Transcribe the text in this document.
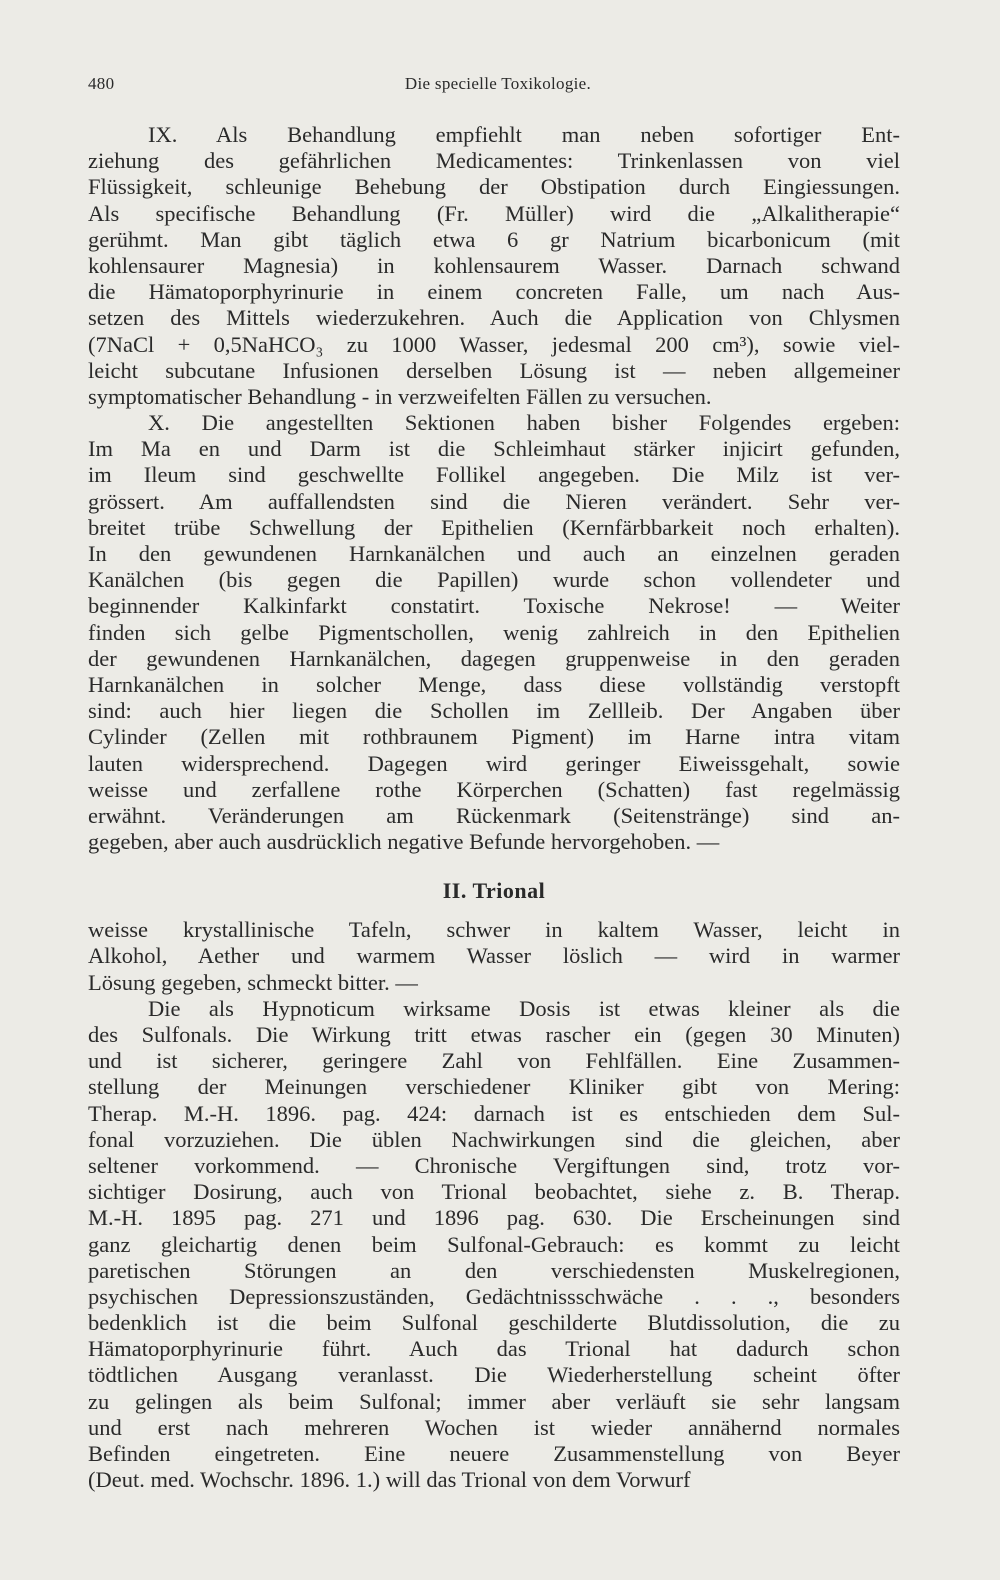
480	Die specielle Toxikologie.
IX. Als Behandlung empfiehlt man neben sofortiger Ent-
ziehung des gefährlichen Medicamentes: Trinkenlassen von viel
Flüssigkeit, schleunige Behebung der Obstipation durch Eingiessungen.
Als specifische Behandlung (Fr. Müller) wird die „Alkalitherapie“
gerühmt. Man gibt täglich etwa 6 gr Natrium bicarbonicum (mit
kohlensaurer Magnesia) in kohlensaurem Wasser. Darnach schwand
die Hämatoporphyrinurie in einem concreten Falle, um nach Aus-
setzen des Mittels wiederzukehren. Auch die Application von Chlysmen
(7NaCl + 0,5NaHCO₃ zu 1000 Wasser, jedesmal 200 cm³), sowie viel-
leicht subcutane Infusionen derselben Lösung ist — neben allgemeiner
symptomatischer Behandlung - in verzweifelten Fällen zu versuchen.
X. Die angestellten Sektionen haben bisher Folgendes ergeben:
Im Ma en und Darm ist die Schleimhaut stärker injicirt gefunden,
im Ileum sind geschwellte Follikel angegeben. Die Milz ist ver-
grössert. Am auffallendsten sind die Nieren verändert. Sehr ver-
breitet trübe Schwellung der Epithelien (Kernfärbbarkeit noch erhalten).
In den gewundenen Harnkanälchen und auch an einzelnen geraden
Kanälchen (bis gegen die Papillen) wurde schon vollendeter und
beginnender Kalkinfarkt constatirt. Toxische Nekrose! — Weiter
finden sich gelbe Pigmentschollen, wenig zahlreich in den Epithelien
der gewundenen Harnkanälchen, dagegen gruppenweise in den geraden
Harnkanälchen in solcher Menge, dass diese vollständig verstopft
sind: auch hier liegen die Schollen im Zellleib. Der Angaben über
Cylinder (Zellen mit rothbraunem Pigment) im Harne intra vitam
lauten widersprechend. Dagegen wird geringer Eiweissgehalt, sowie
weisse und zerfallene rothe Körperchen (Schatten) fast regelmässig
erwähnt. Veränderungen am Rückenmark (Seitenstränge) sind an-
gegeben, aber auch ausdrücklich negative Befunde hervorgehoben. —
II. Trional
weisse krystallinische Tafeln, schwer in kaltem Wasser, leicht in
Alkohol, Aether und warmem Wasser löslich — wird in warmer
Lösung gegeben, schmeckt bitter. —
Die als Hypnoticum wirksame Dosis ist etwas kleiner als die
des Sulfonals. Die Wirkung tritt etwas rascher ein (gegen 30 Minuten)
und ist sicherer, geringere Zahl von Fehlfällen. Eine Zusammen-
stellung der Meinungen verschiedener Kliniker gibt von Mering:
Therap. M.-H. 1896. pag. 424: darnach ist es entschieden dem Sul-
fonal vorzuziehen. Die üblen Nachwirkungen sind die gleichen, aber
seltener vorkommend. — Chronische Vergiftungen sind, trotz vor-
sichtiger Dosirung, auch von Trional beobachtet, siehe z. B. Therap.
M.-H. 1895 pag. 271 und 1896 pag. 630. Die Erscheinungen sind
ganz gleichartig denen beim Sulfonal-Gebrauch: es kommt zu leicht
paretischen Störungen an den verschiedensten Muskelregionen,
psychischen Depressionszuständen, Gedächtnissschwäche . . ., besonders
bedenklich ist die beim Sulfonal geschilderte Blutdissolution, die zu
Hämatoporphyrinurie führt. Auch das Trional hat dadurch schon
tödtlichen Ausgang veranlasst. Die Wiederherstellung scheint öfter
zu gelingen als beim Sulfonal; immer aber verläuft sie sehr langsam
und erst nach mehreren Wochen ist wieder annähernd normales
Befinden eingetreten. Eine neuere Zusammenstellung von Beyer
(Deut. med. Wochschr. 1896. 1.) will das Trional von dem Vorwurf
